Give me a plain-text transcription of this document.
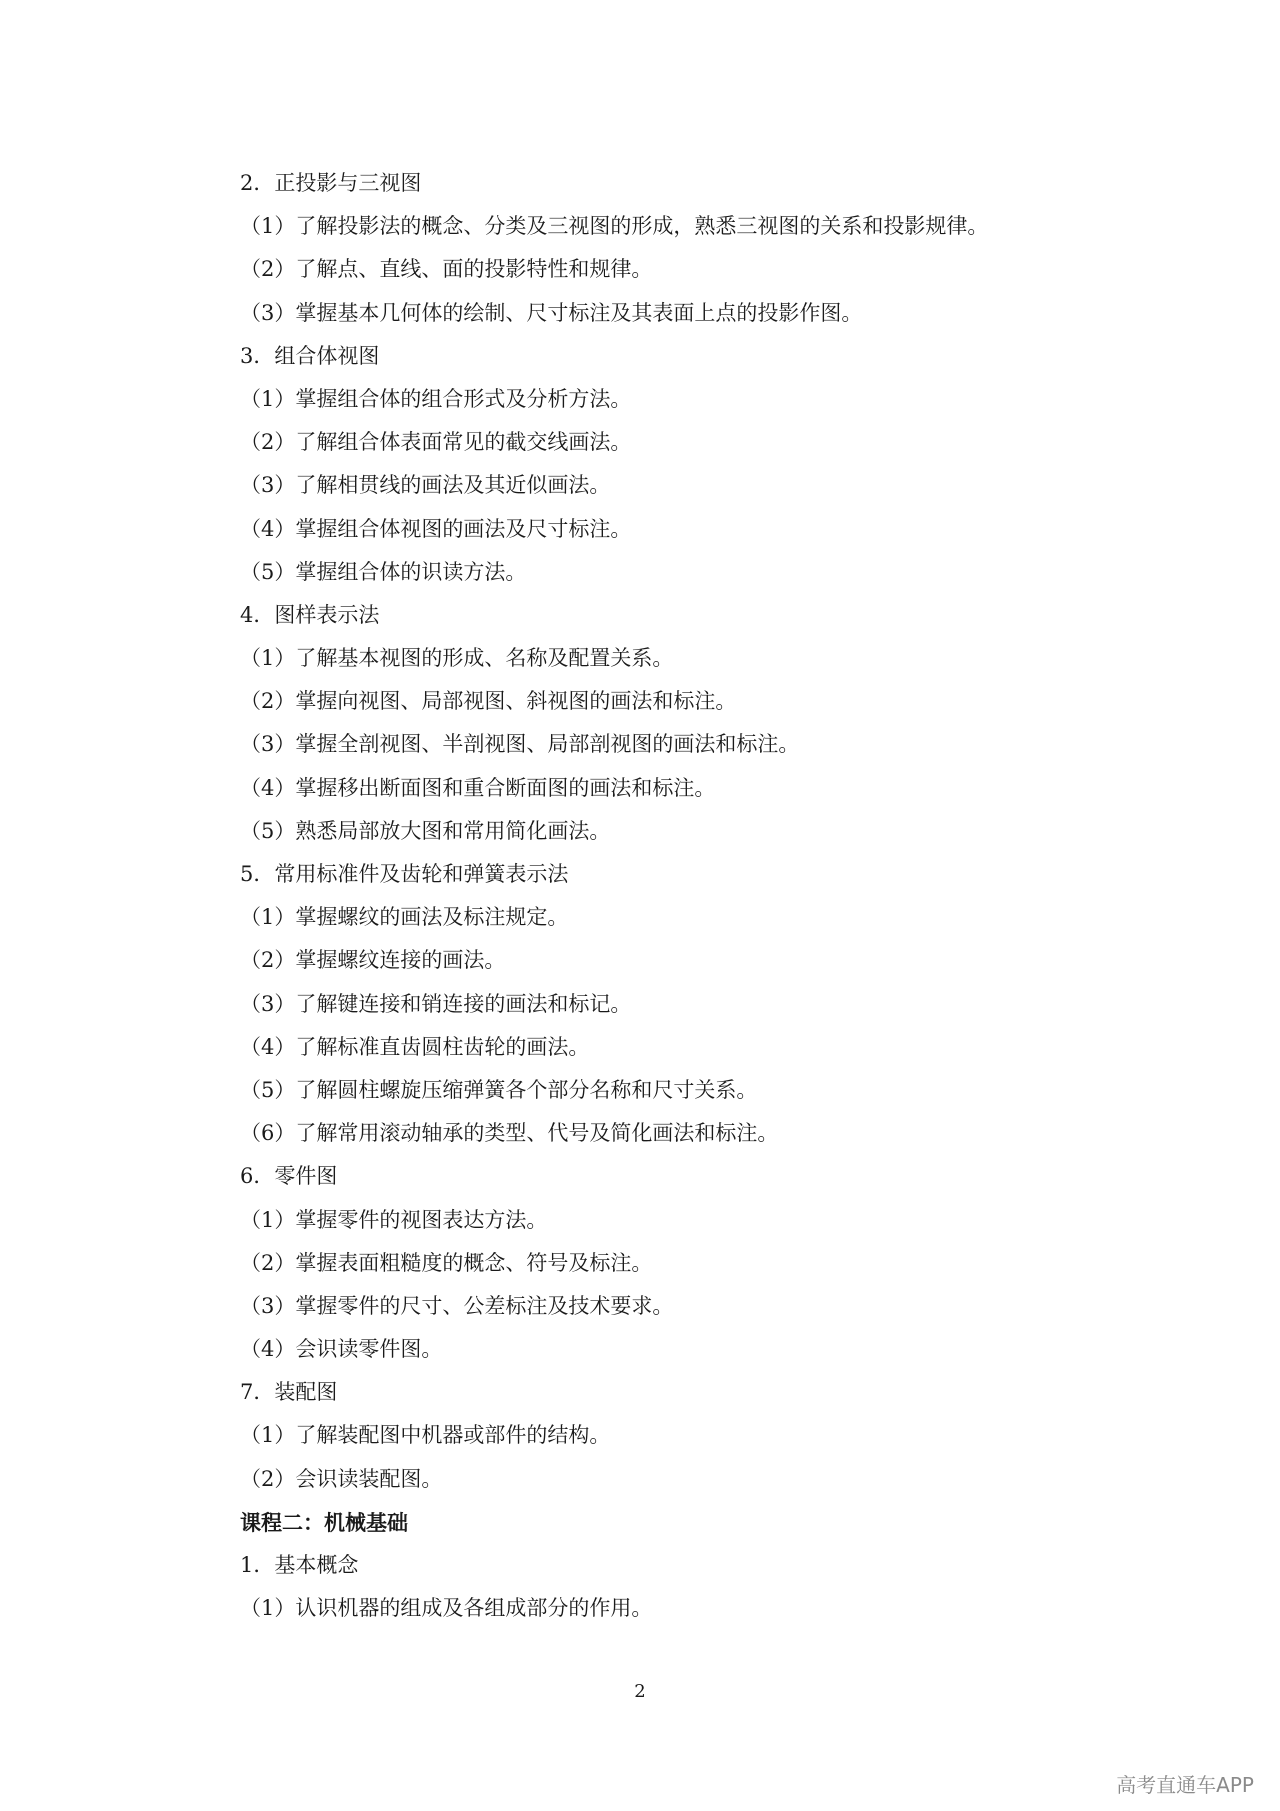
2．正投影与三视图
（1）了解投影法的概念、分类及三视图的形成，熟悉三视图的关系和投影规律。
（2）了解点、直线、面的投影特性和规律。
（3）掌握基本几何体的绘制、尺寸标注及其表面上点的投影作图。
3．组合体视图
（1）掌握组合体的组合形式及分析方法。
（2）了解组合体表面常见的截交线画法。
（3）了解相贯线的画法及其近似画法。
（4）掌握组合体视图的画法及尺寸标注。
（5）掌握组合体的识读方法。
4．图样表示法
（1）了解基本视图的形成、名称及配置关系。
（2）掌握向视图、局部视图、斜视图的画法和标注。
（3）掌握全剖视图、半剖视图、局部剖视图的画法和标注。
（4）掌握移出断面图和重合断面图的画法和标注。
（5）熟悉局部放大图和常用简化画法。
5．常用标准件及齿轮和弹簧表示法
（1）掌握螺纹的画法及标注规定。
（2）掌握螺纹连接的画法。
（3）了解键连接和销连接的画法和标记。
（4）了解标准直齿圆柱齿轮的画法。
（5）了解圆柱螺旋压缩弹簧各个部分名称和尺寸关系。
（6）了解常用滚动轴承的类型、代号及简化画法和标注。
6．零件图
（1）掌握零件的视图表达方法。
（2）掌握表面粗糙度的概念、符号及标注。
（3）掌握零件的尺寸、公差标注及技术要求。
（4）会识读零件图。
7．装配图
（1）了解装配图中机器或部件的结构。
（2）会识读装配图。
课程二：机械基础
1．基本概念
（1）认识机器的组成及各组成部分的作用。
2
高考直通车APP
